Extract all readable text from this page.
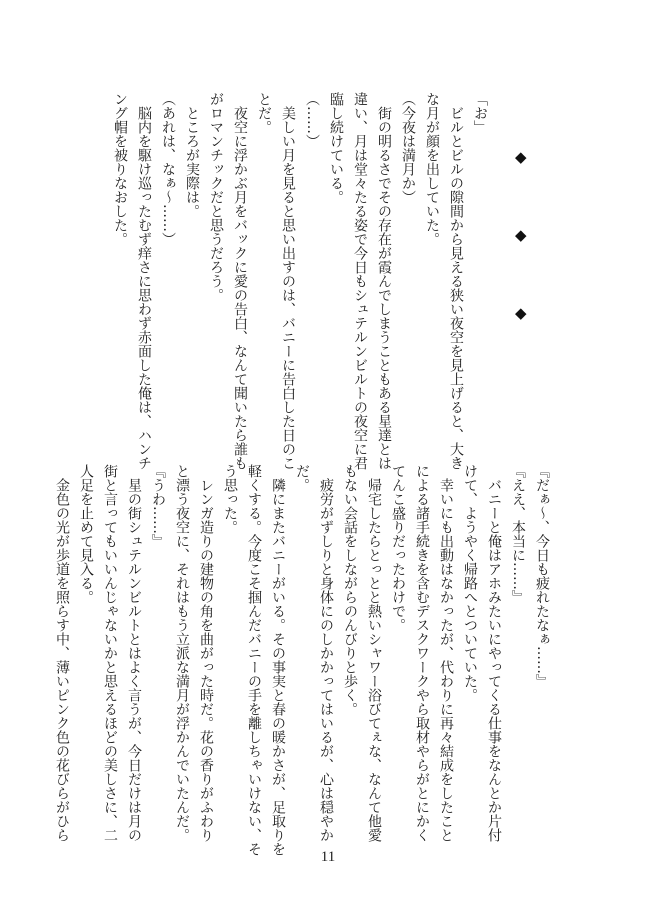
「お」
ビルとビルの隙間から見える狭い夜空を見上げると、大き
な月が顔を出していた。
（今夜は満月か）
街の明るさでその存在が霞んでしまうこともある星達とは
違い、月は堂々たる姿で今日もシュテルンビルトの夜空に君
臨し続けている。
（……）
美しい月を見ると思い出すのは、バニーに告白した日のこ
とだ。
夜空に浮かぶ月をバックに愛の告白、なんて聞いたら誰も
がロマンチックだと思うだろう。
ところが実際は。
（あれは、なぁ〜……）
脳内を駆け巡ったむず痒さに思わず赤面した俺は、ハンチ
ング帽を被りなおした。	◆
◆
◆
『だぁ〜、今日も疲れたなぁ……』
『ええ、本当に……』
バニーと俺はアホみたいにやってくる仕事をなんとか片付
けて、ようやく帰路へとついていた。
幸いにも出動はなかったが、代わりに再々結成をしたこと
による諸手続きを含むデスクワークやら取材やらがとにかく
てんこ盛りだったわけで。
帰宅したらとっとと熱いシャワー浴びてぇな、なんて他愛
もない会話をしながらのんびりと歩く。
疲労がずしりと身体にのしかかってはいるが、心は穏やか
だ。
隣にまたバニーがいる。その事実と春の暖かさが、足取りを
軽くする。今度こそ掴んだバニーの手を離しちゃいけない、そ
う思った。
レンガ造りの建物の角を曲がった時だ。花の香りがふわり
と漂う夜空に、それはもう立派な満月が浮かんでいたんだ。
『うわ……』
星の街シュテルンビルトとはよく言うが、今日だけは月の
街と言ってもいいんじゃないかと思えるほどの美しさに、二
人足を止めて見入る。
金色の光が歩道を照らす中、薄いピンク色の花びらがひら
11
